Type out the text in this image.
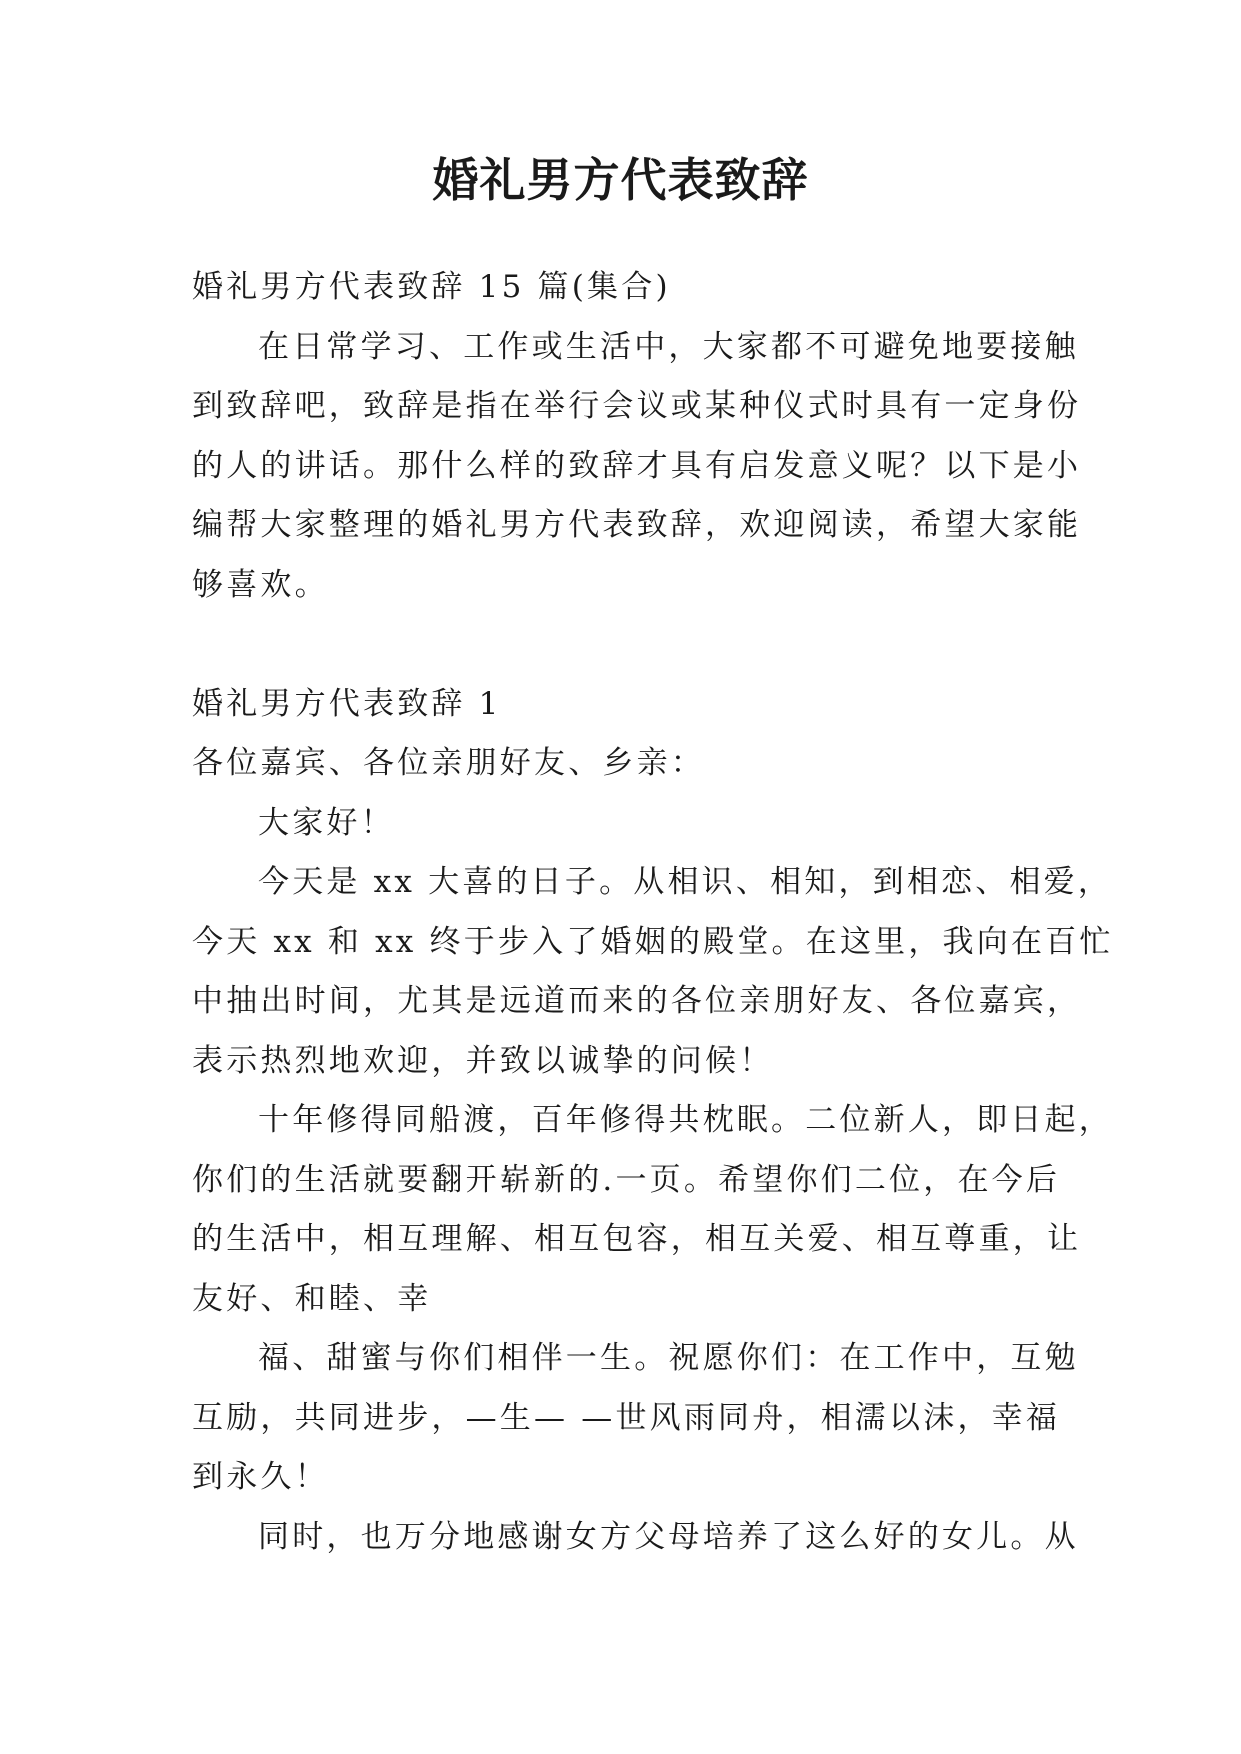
婚礼男方代表致辞
婚礼男方代表致辞 15 篇(集合)
在日常学习、工作或生活中，大家都不可避免地要接触
到致辞吧，致辞是指在举行会议或某种仪式时具有一定身份
的人的讲话。那什么样的致辞才具有启发意义呢？以下是小
编帮大家整理的婚礼男方代表致辞，欢迎阅读，希望大家能
够喜欢。
婚礼男方代表致辞 1
各位嘉宾、各位亲朋好友、乡亲：
大家好！
今天是 xx 大喜的日子。从相识、相知，到相恋、相爱，
今天 xx 和 xx 终于步入了婚姻的殿堂。在这里，我向在百忙
中抽出时间，尤其是远道而来的各位亲朋好友、各位嘉宾，
表示热烈地欢迎，并致以诚挚的问候！
十年修得同船渡，百年修得共枕眠。二位新人，即日起，
你们的生活就要翻开崭新的.一页。希望你们二位，在今后
的生活中，相互理解、相互包容，相互关爱、相互尊重，让
友好、和睦、幸
福、甜蜜与你们相伴一生。祝愿你们：在工作中，互勉
互励，共同进步，—生— —世风雨同舟，相濡以沫，幸福
到永久！
同时，也万分地感谢女方父母培养了这么好的女儿。从
